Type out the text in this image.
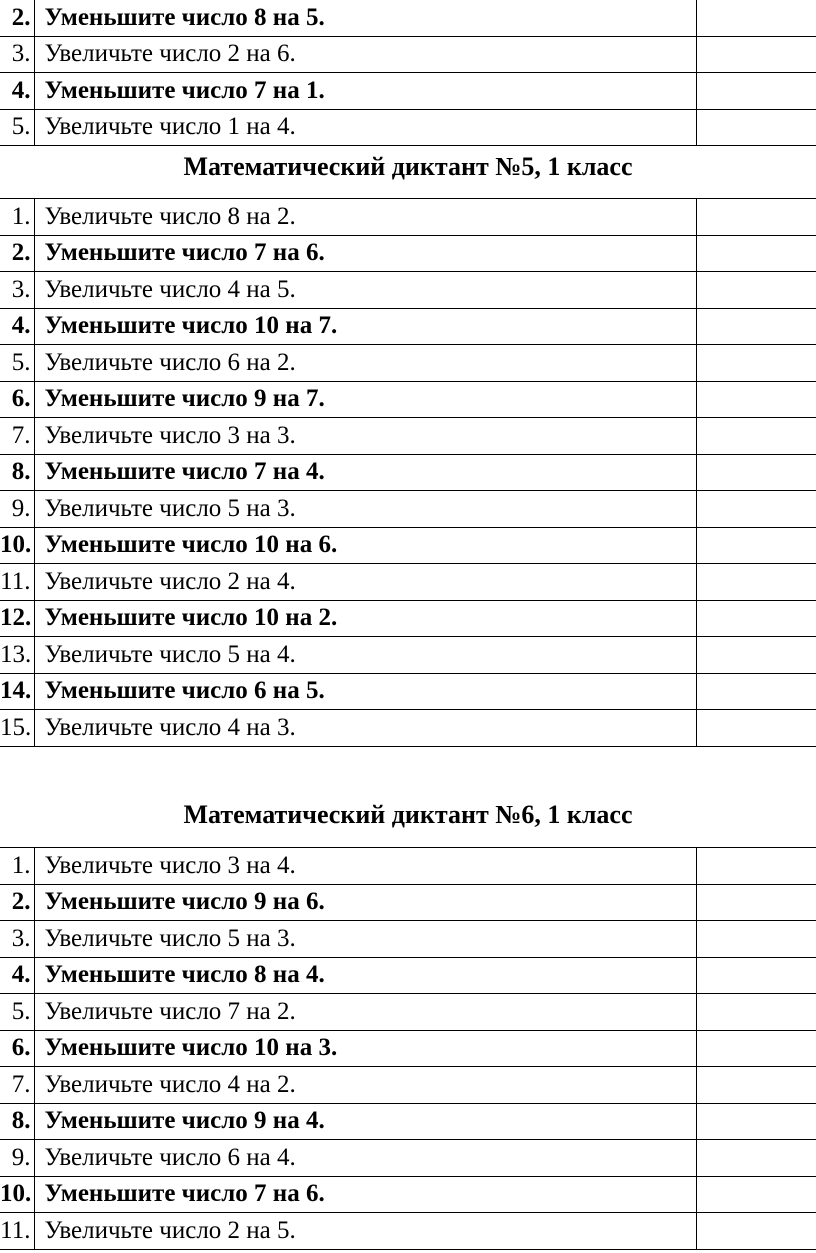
2.	Уменьшите число 8 на 5.	
3.	Увеличьте число 2 на 6.	
4.	Уменьшите число 7 на 1.	
5.	Увеличьте число 1 на 4.	
Математический диктант №5, 1 класс
1.	Увеличьте число 8 на 2.	
2.	Уменьшите число 7 на 6.	
3.	Увеличьте число 4 на 5.	
4.	Уменьшите число 10 на 7.	
5.	Увеличьте число 6 на 2.	
6.	Уменьшите число 9 на 7.	
7.	Увеличьте число 3 на 3.	
8.	Уменьшите число 7 на 4.	
9.	Увеличьте число 5 на 3.	
10.	Уменьшите число 10 на 6.	
11.	Увеличьте число 2 на 4.	
12.	Уменьшите число 10 на 2.	
13.	Увеличьте число 5 на 4.	
14.	Уменьшите число 6 на 5.	
15.	Увеличьте число 4 на 3.	
Математический диктант №6, 1 класс
1.	Увеличьте число 3 на 4.	
2.	Уменьшите число 9 на 6.	
3.	Увеличьте число 5 на 3.	
4.	Уменьшите число 8 на 4.	
5.	Увеличьте число 7 на 2.	
6.	Уменьшите число 10 на 3.	
7.	Увеличьте число 4 на 2.	
8.	Уменьшите число 9 на 4.	
9.	Увеличьте число 6 на 4.	
10.	Уменьшите число 7 на 6.	
11.	Увеличьте число 2 на 5.	
